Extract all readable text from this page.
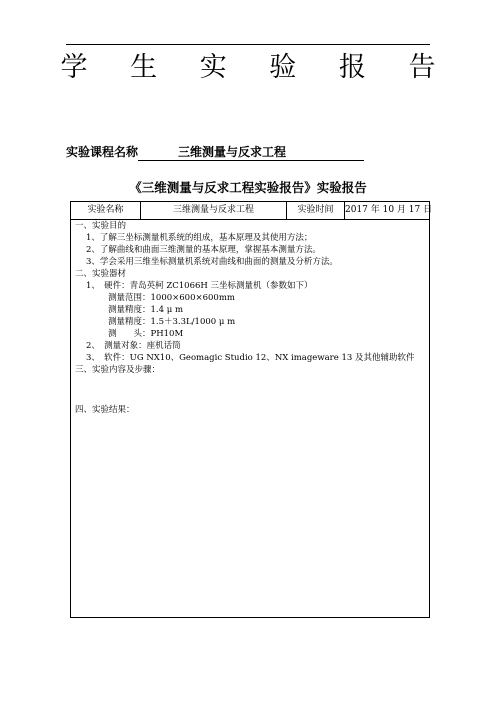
学 生 实 验 报 告
实验课程名称	三维测量与反求工程
《三维测量与反求工程实验报告》实验报告
实验名称	三维测量与反求工程	实验时间	2017 年 10 月 17 日
一、实验目的
1、了解三坐标测量机系统的组成，基本原理及其使用方法；
2、了解曲线和曲面三维测量的基本原理，掌握基本测量方法。
3、学会采用三维坐标测量机系统对曲线和曲面的测量及分析方法。
二、实验器材
1、　硬件：青岛英柯 ZC1066H 三坐标测量机（参数如下）
测量范围：1000×600×600mm
测量精度：1.4 μ m
测量精度：1.5＋3.3L/1000 μ m
测　　头：PH10M
2、　测量对象：座机话筒
3、　软件：UG NX10、Geomagic Studio 12、NX imageware 13 及其他辅助软件
三、实验内容及步骤：
四、实验结果：
